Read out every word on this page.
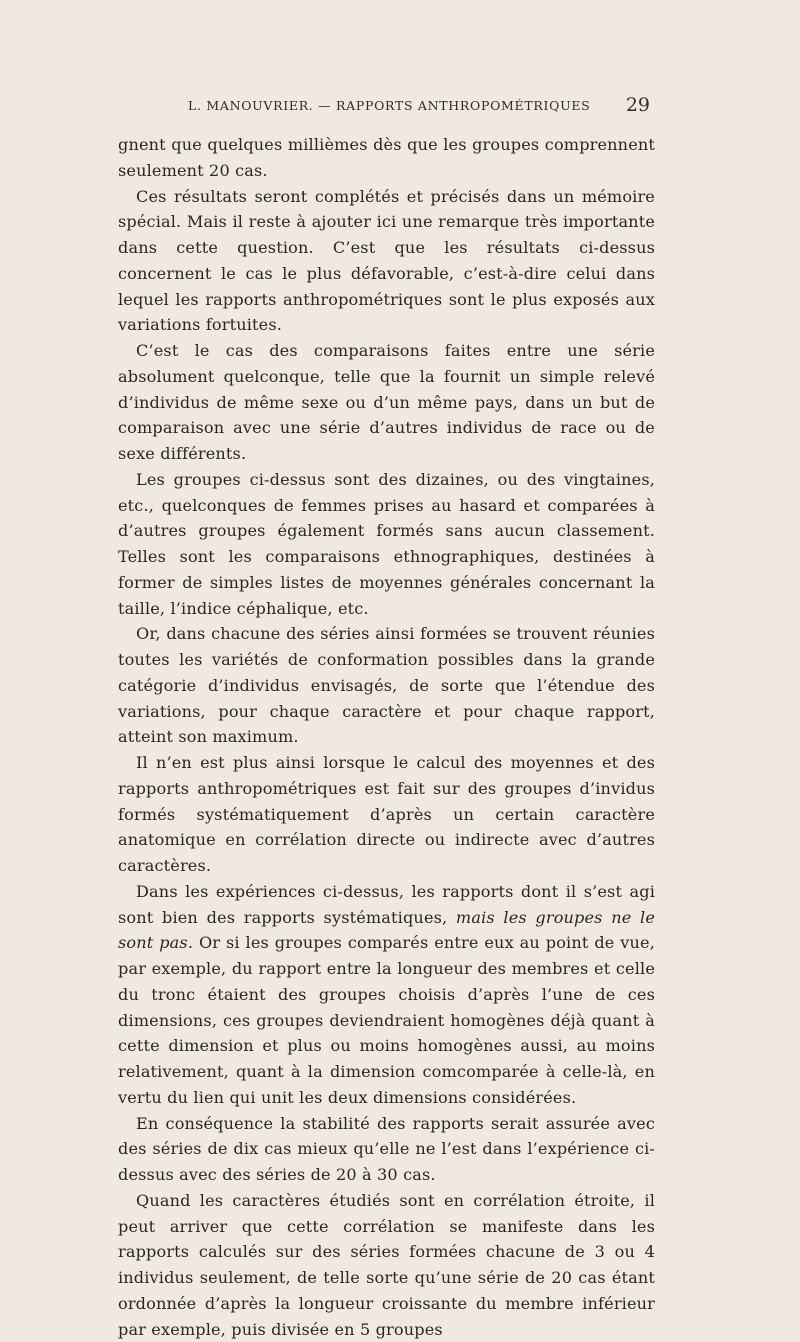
L. MANOUVRIER. — RAPPORTS ANTHROPOMÉTRIQUES 29

gnent que quelques millièmes dès que les groupes comprennent seulement 20 cas.

Ces résultats seront complétés et précisés dans un mémoire spécial. Mais il reste à ajouter ici une remarque très importante dans cette question. C’est que les résultats ci-dessus concernent le cas le plus défavorable, c’est-à-dire celui dans lequel les rapports anthropométriques sont le plus exposés aux variations fortuites.

C’est le cas des comparaisons faites entre une série absolument quelconque, telle que la fournit un simple relevé d’individus de même sexe ou d’un même pays, dans un but de comparaison avec une série d’autres individus de race ou de sexe différents.

Les groupes ci-dessus sont des dizaines, ou des vingtaines, etc., quelconques de femmes prises au hasard et comparées à d’autres groupes également formés sans aucun classement. Telles sont les comparaisons ethnographiques, destinées à former de simples listes de moyennes générales concernant la taille, l’indice céphalique, etc.

Or, dans chacune des séries ainsi formées se trouvent réunies toutes les variétés de conformation possibles dans la grande catégorie d’individus envisagés, de sorte que l’étendue des variations, pour chaque caractère et pour chaque rapport, atteint son maximum.

Il n’en est plus ainsi lorsque le calcul des moyennes et des rapports anthropométriques est fait sur des groupes d’invidus formés systématiquement d’après un certain caractère anatomique en corrélation directe ou indirecte avec d’autres caractères.

Dans les expériences ci-dessus, les rapports dont il s’est agi sont bien des rapports systématiques, mais les groupes ne le sont pas. Or si les groupes comparés entre eux au point de vue, par exemple, du rapport entre la longueur des membres et celle du tronc étaient des groupes choisis d’après l’une de ces dimensions, ces groupes deviendraient homogènes déjà quant à cette dimension et plus ou moins homogènes aussi, au moins relativement, quant à la dimension comcomparée à celle-là, en vertu du lien qui unit les deux dimensions considérées.

En conséquence la stabilité des rapports serait assurée avec des séries de dix cas mieux qu’elle ne l’est dans l’expérience ci-dessus avec des séries de 20 à 30 cas.

Quand les caractères étudiés sont en corrélation étroite, il peut arriver que cette corrélation se manifeste dans les rapports calculés sur des séries formées chacune de 3 ou 4 individus seulement, de telle sorte qu’une série de 20 cas étant ordonnée d’après la longueur croissante du membre inférieur par exemple, puis divisée en 5 groupes
